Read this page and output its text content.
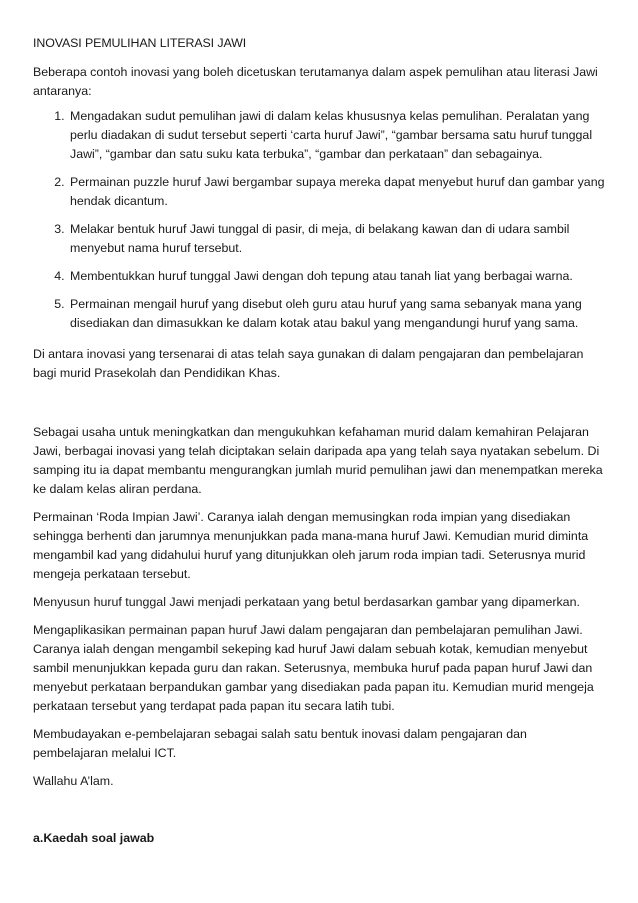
INOVASI PEMULIHAN LITERASI JAWI

Beberapa contoh inovasi yang boleh dicetuskan terutamanya dalam aspek pemulihan atau literasi Jawi antaranya:

1. Mengadakan sudut pemulihan jawi di dalam kelas khususnya kelas pemulihan. Peralatan yang perlu diadakan di sudut tersebut seperti ‘carta huruf Jawi”, “gambar bersama satu huruf tunggal Jawi”, “gambar dan satu suku kata terbuka”, “gambar dan perkataan” dan sebagainya.
2. Permainan puzzle huruf Jawi bergambar supaya mereka dapat menyebut huruf dan gambar yang hendak dicantum.
3. Melakar bentuk huruf Jawi tunggal di pasir, di meja, di belakang kawan dan di udara sambil menyebut nama huruf tersebut.
4. Membentukkan huruf tunggal Jawi dengan doh tepung atau tanah liat yang berbagai warna.
5. Permainan mengail huruf yang disebut oleh guru atau huruf yang sama sebanyak mana yang disediakan dan dimasukkan ke dalam kotak atau bakul yang mengandungi huruf yang sama.

Di antara inovasi yang tersenarai di atas telah saya gunakan di dalam pengajaran dan pembelajaran bagi murid Prasekolah dan Pendidikan Khas.

Sebagai usaha untuk meningkatkan dan mengukuhkan kefahaman murid dalam kemahiran Pelajaran Jawi, berbagai inovasi yang telah diciptakan selain daripada apa yang telah saya nyatakan sebelum. Di samping itu ia dapat membantu mengurangkan jumlah murid pemulihan jawi dan menempatkan mereka ke dalam kelas aliran perdana.

Permainan ‘Roda Impian Jawi’. Caranya ialah dengan memusingkan roda impian yang disediakan sehingga berhenti dan jarumnya menunjukkan pada mana-mana huruf Jawi. Kemudian murid diminta mengambil kad yang didahului huruf yang ditunjukkan oleh jarum roda impian tadi. Seterusnya murid mengeja perkataan tersebut.

Menyusun huruf tunggal Jawi menjadi perkataan yang betul berdasarkan gambar yang dipamerkan.

Mengaplikasikan permainan papan huruf Jawi dalam pengajaran dan pembelajaran pemulihan Jawi. Caranya ialah dengan mengambil sekeping kad huruf Jawi dalam sebuah kotak, kemudian menyebut sambil menunjukkan kepada guru dan rakan. Seterusnya, membuka huruf pada papan huruf Jawi dan menyebut perkataan berpandukan gambar yang disediakan pada papan itu. Kemudian murid mengeja perkataan tersebut yang terdapat pada papan itu secara latih tubi.

Membudayakan e-pembelajaran sebagai salah satu bentuk inovasi dalam pengajaran dan pembelajaran melalui ICT.

Wallahu A’lam.

a.Kaedah soal jawab
